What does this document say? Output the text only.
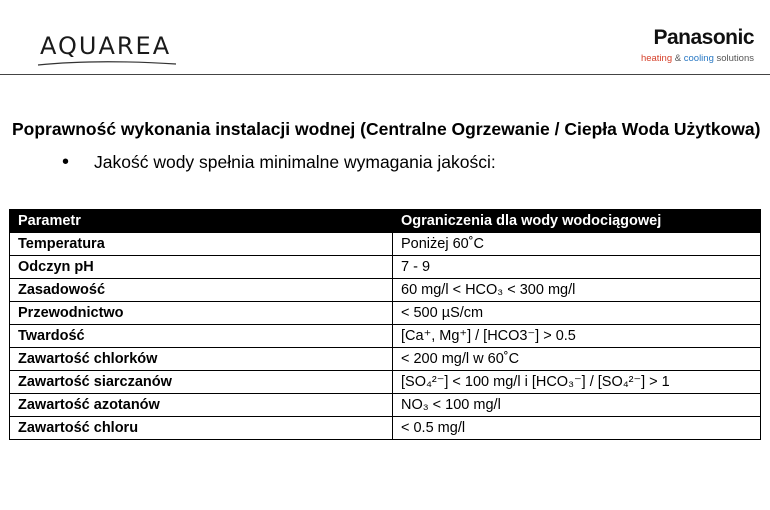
AQUAREA	Panasonic
heating & cooling solutions
Poprawność wykonania instalacji wodnej (Centralne Ogrzewanie / Ciepła Woda Użytkowa)
• Jakość wody spełnia minimalne wymagania jakości:
Parametr	Ograniczenia dla wody wodociągowej
Temperatura	Poniżej 60˚C
Odczyn pH	7 - 9
Zasadowość	60 mg/l < HCO₃ < 300 mg/l
Przewodnictwo	< 500 µS/cm
Twardość	[Ca⁺, Mg⁺] / [HCO3⁻] > 0.5
Zawartość chlorków	< 200 mg/l w 60˚C
Zawartość siarczanów	[SO₄²⁻] < 100 mg/l i [HCO₃⁻] / [SO₄²⁻] > 1
Zawartość azotanów	NO₃ < 100 mg/l
Zawartość chloru	< 0.5 mg/l
